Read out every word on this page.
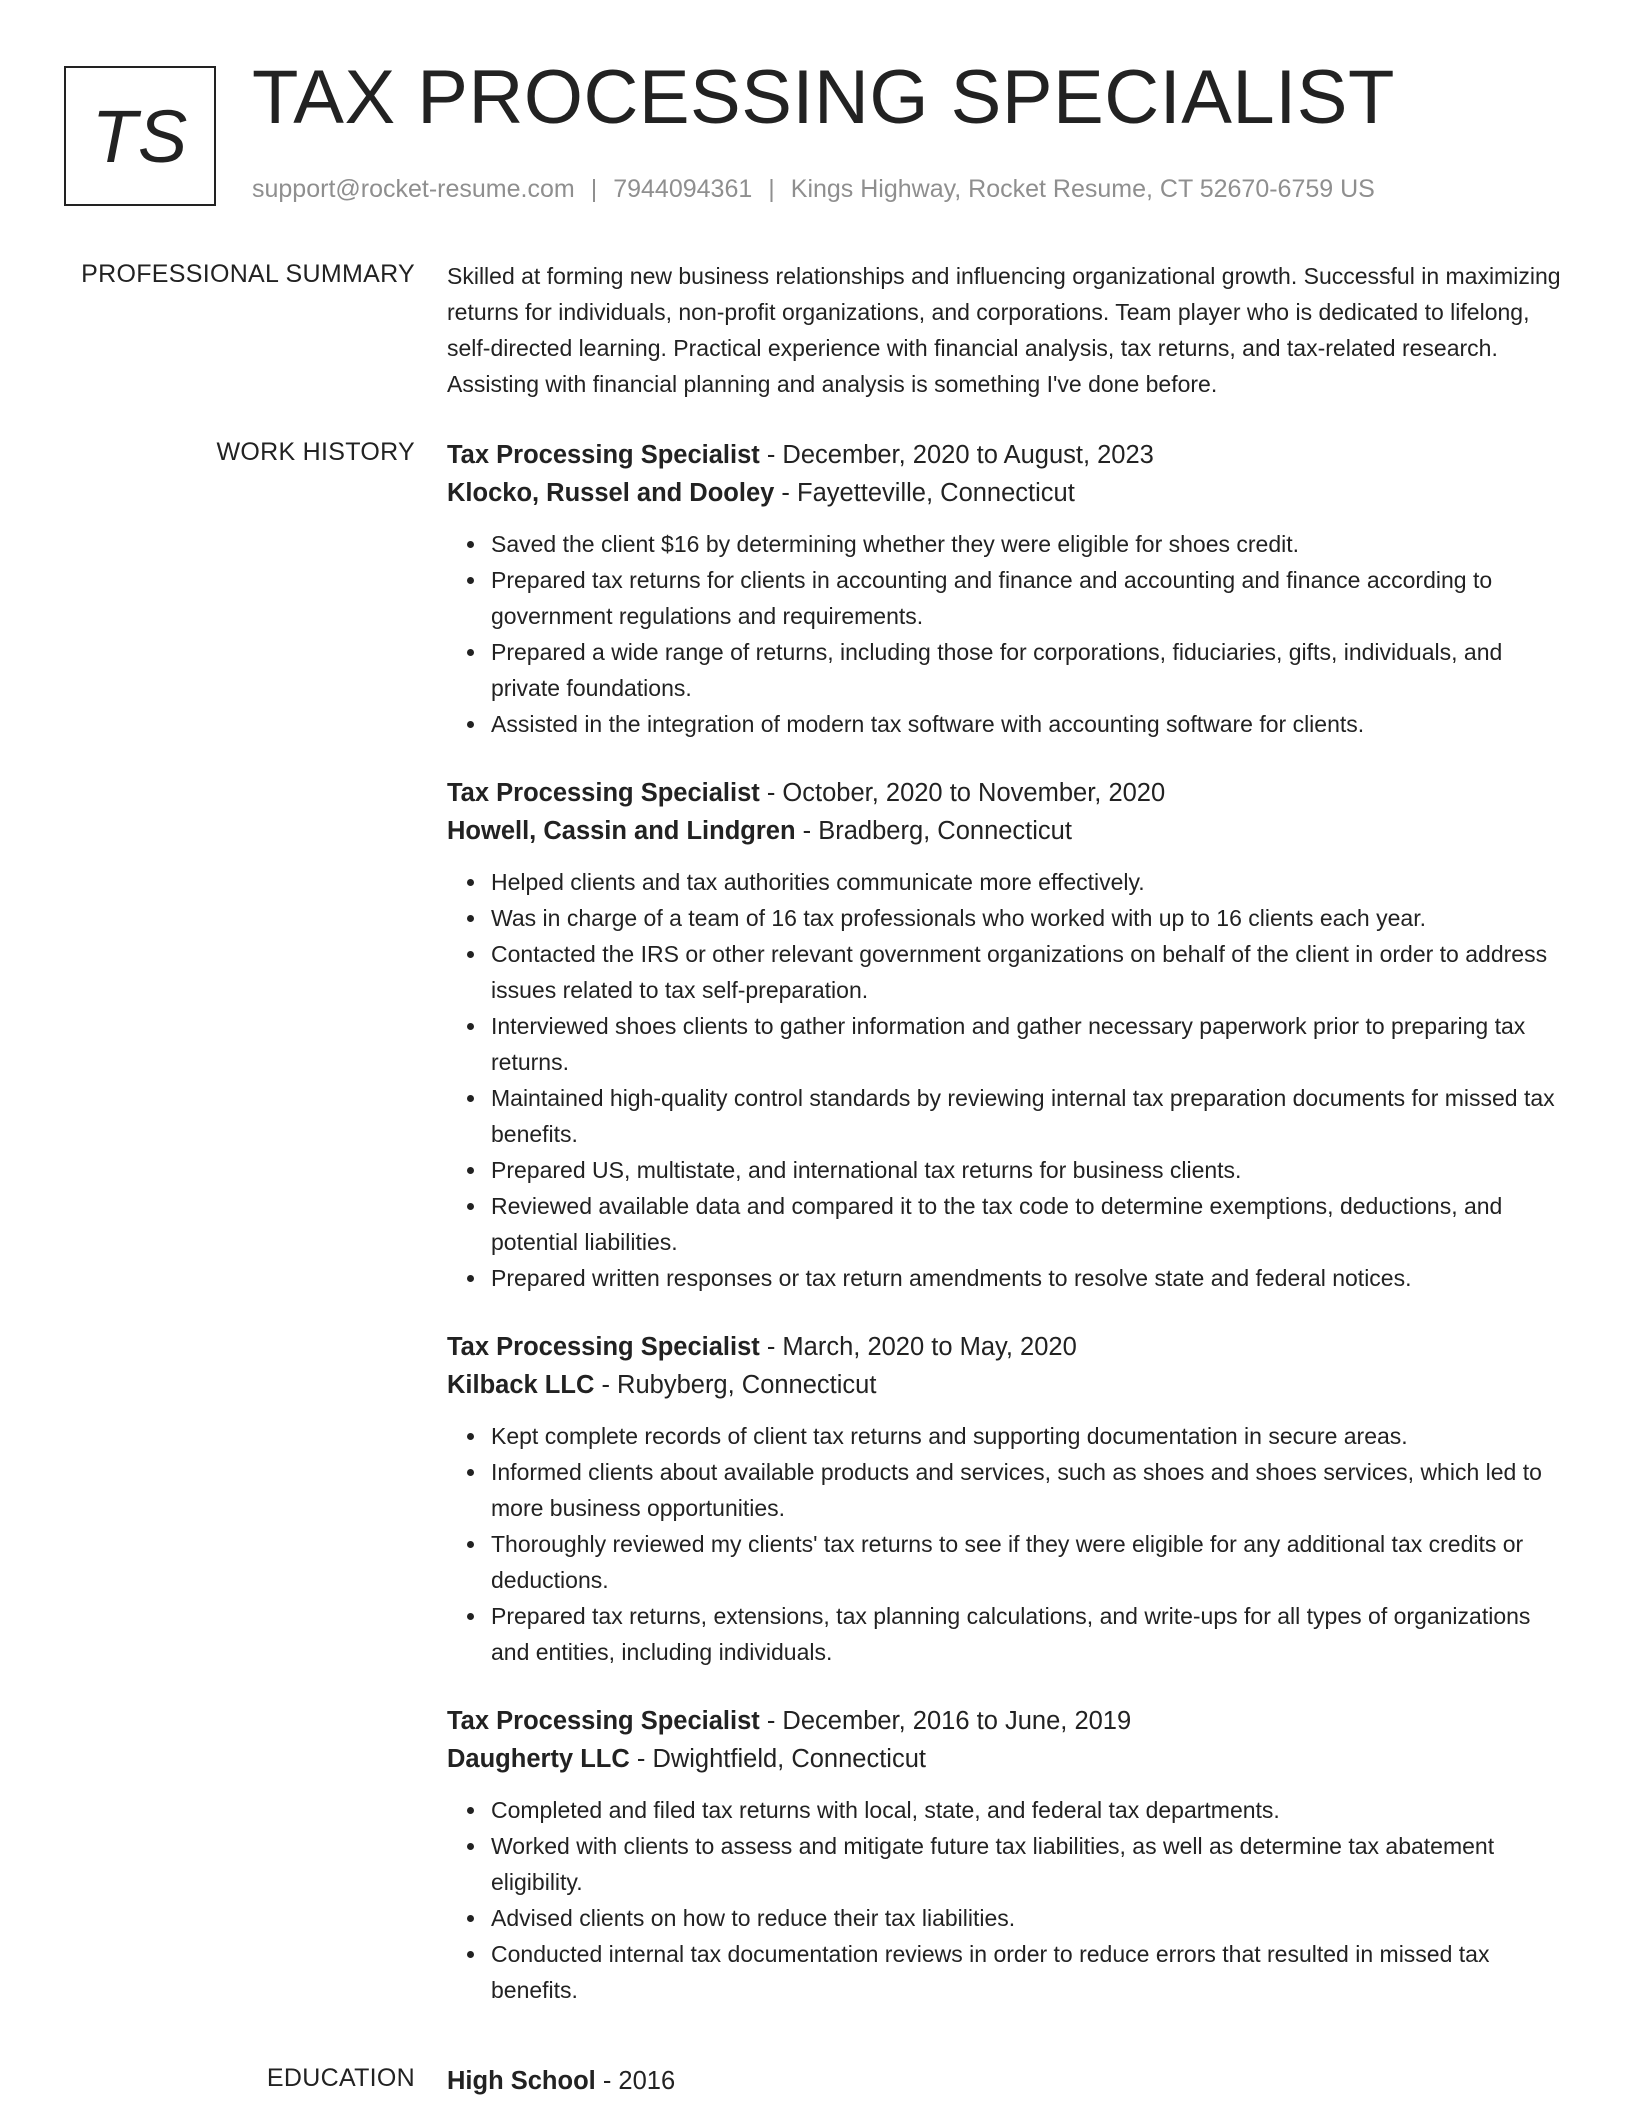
TS TAX PROCESSING SPECIALIST
support@rocket-resume.com | 7944094361 | Kings Highway, Rocket Resume, CT 52670-6759 US
PROFESSIONAL SUMMARY Skilled at forming new business relationships and influencing organizational growth. Successful in maximizing returns for individuals, non-profit organizations, and corporations. Team player who is dedicated to lifelong, self-directed learning. Practical experience with financial analysis, tax returns, and tax-related research. Assisting with financial planning and analysis is something I've done before.

WORK HISTORY Tax Processing Specialist - December, 2020 to August, 2023
Klocko, Russel and Dooley - Fayetteville, Connecticut
Saved the client $16 by determining whether they were eligible for shoes credit.
Prepared tax returns for clients in accounting and finance and accounting and finance according to government regulations and requirements.
Prepared a wide range of returns, including those for corporations, fiduciaries, gifts, individuals, and private foundations.
Assisted in the integration of modern tax software with accounting software for clients.
Tax Processing Specialist - October, 2020 to November, 2020
Howell, Cassin and Lindgren - Bradberg, Connecticut
Helped clients and tax authorities communicate more effectively.
Was in charge of a team of 16 tax professionals who worked with up to 16 clients each year.
Contacted the IRS or other relevant government organizations on behalf of the client in order to address issues related to tax self-preparation.
Interviewed shoes clients to gather information and gather necessary paperwork prior to preparing tax returns.
Maintained high-quality control standards by reviewing internal tax preparation documents for missed tax benefits.
Prepared US, multistate, and international tax returns for business clients.
Reviewed available data and compared it to the tax code to determine exemptions, deductions, and potential liabilities.
Prepared written responses or tax return amendments to resolve state and federal notices.
Tax Processing Specialist - March, 2020 to May, 2020
Kilback LLC - Rubyberg, Connecticut
Kept complete records of client tax returns and supporting documentation in secure areas.
Informed clients about available products and services, such as shoes and shoes services, which led to more business opportunities.
Thoroughly reviewed my clients' tax returns to see if they were eligible for any additional tax credits or deductions.
Prepared tax returns, extensions, tax planning calculations, and write-ups for all types of organizations and entities, including individuals.
Tax Processing Specialist - December, 2016 to June, 2019
Daugherty LLC - Dwightfield, Connecticut
Completed and filed tax returns with local, state, and federal tax departments.
Worked with clients to assess and mitigate future tax liabilities, as well as determine tax abatement eligibility.
Advised clients on how to reduce their tax liabilities.
Conducted internal tax documentation reviews in order to reduce errors that resulted in missed tax benefits.
EDUCATION High School - 2016
